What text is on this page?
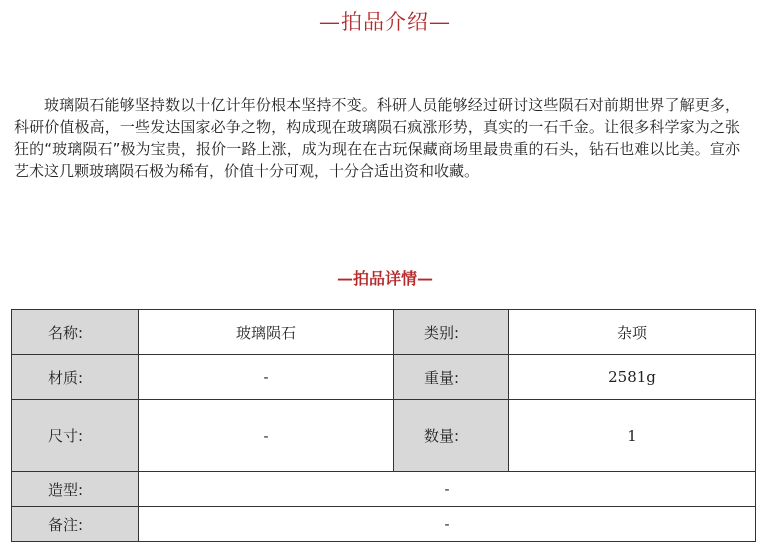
—拍品介绍—

玻璃陨石能够坚持数以十亿计年份根本坚持不变。科研人员能够经过研讨这些陨石对前期世界了解更多，科研价值极高，一些发达国家必争之物，构成现在玻璃陨石疯涨形势，真实的一石千金。让很多科学家为之张狂的“玻璃陨石”极为宝贵，报价一路上涨，成为现在在古玩保藏商场里最贵重的石头，钻石也难以比美。宣亦艺术这几颗玻璃陨石极为稀有，价值十分可观，十分合适出资和收藏。

—拍品详情—
名称:	玻璃陨石	类别:	杂项
材质:	-	重量:	2581g
尺寸:	-	数量:	1
造型:	-		
备注:	-		
